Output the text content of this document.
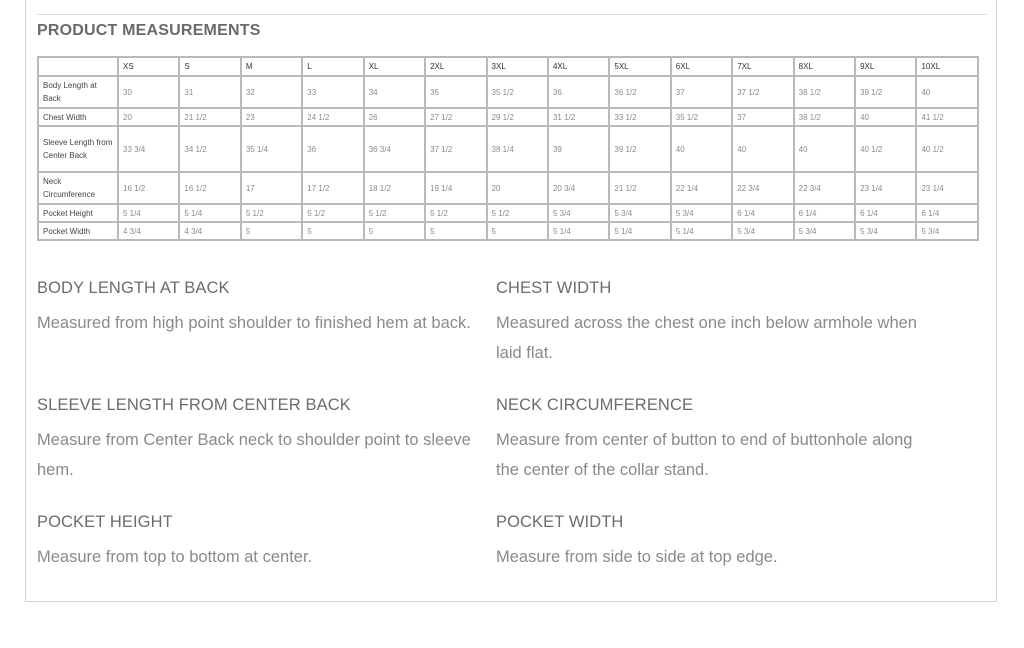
PRODUCT MEASUREMENTS
	XS	S	M	L	XL	2XL	3XL	4XL	5XL	6XL	7XL	8XL	9XL	10XL
Body Length at Back	30	31	32	33	34	35	35 1/2	36	36 1/2	37	37 1/2	38 1/2	39 1/2	40
Chest Width	20	21 1/2	23	24 1/2	26	27 1/2	29 1/2	31 1/2	33 1/2	35 1/2	37	38 1/2	40	41 1/2
Sleeve Length from Center Back	33 3/4	34 1/2	35 1/4	36	36 3/4	37 1/2	38 1/4	39	39 1/2	40	40	40	40 1/2	40 1/2
Neck Circumference	16 1/2	16 1/2	17	17 1/2	18 1/2	19 1/4	20	20 3/4	21 1/2	22 1/4	22 3/4	22 3/4	23 1/4	23 1/4
Pocket Height	5 1/4	5 1/4	5 1/2	5 1/2	5 1/2	5 1/2	5 1/2	5 3/4	5 3/4	5 3/4	6 1/4	6 1/4	6 1/4	6 1/4
Pocket Width	4 3/4	4 3/4	5	5	5	5	5	5 1/4	5 1/4	5 1/4	5 3/4	5 3/4	5 3/4	5 3/4

BODY LENGTH AT BACK

Measured from high point shoulder to finished hem at back.

CHEST WIDTH

Measured across the chest one inch below armhole when laid flat.

SLEEVE LENGTH FROM CENTER BACK

Measure from Center Back neck to shoulder point to sleeve hem.

NECK CIRCUMFERENCE

Measure from center of button to end of buttonhole along the center of the collar stand.

POCKET HEIGHT

Measure from top to bottom at center.

POCKET WIDTH

Measure from side to side at top edge.
